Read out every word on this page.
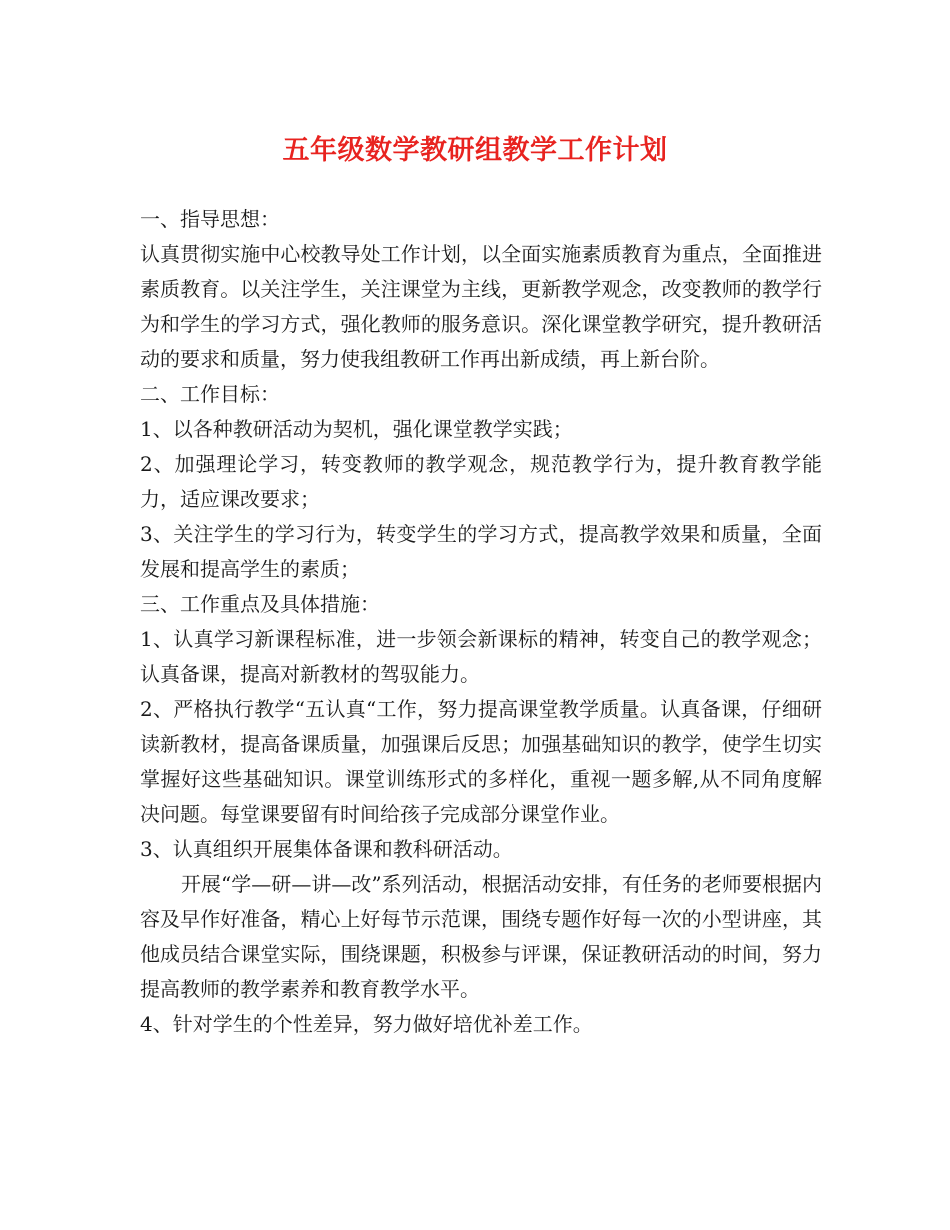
五年级数学教研组教学工作计划

一、指导思想：

认真贯彻实施中心校教导处工作计划，以全面实施素质教育为重点，全面推进素质教育。以关注学生，关注课堂为主线，更新教学观念，改变教师的教学行为和学生的学习方式，强化教师的服务意识。深化课堂教学研究，提升教研活动的要求和质量，努力使我组教研工作再出新成绩，再上新台阶。

二、工作目标：

1、以各种教研活动为契机，强化课堂教学实践；

2、加强理论学习，转变教师的教学观念，规范教学行为，提升教育教学能力，适应课改要求；

3、关注学生的学习行为，转变学生的学习方式，提高教学效果和质量，全面发展和提高学生的素质；

三、工作重点及具体措施：

1、认真学习新课程标准，进一步领会新课标的精神，转变自己的教学观念；认真备课，提高对新教材的驾驭能力。

2、严格执行教学“五认真“工作，努力提高课堂教学质量。认真备课，仔细研读新教材，提高备课质量，加强课后反思；加强基础知识的教学，使学生切实掌握好这些基础知识。课堂训练形式的多样化，重视一题多解,从不同角度解决问题。每堂课要留有时间给孩子完成部分课堂作业。

3、认真组织开展集体备课和教科研活动。

开展“学—研—讲—改”系列活动，根据活动安排，有任务的老师要根据内容及早作好准备，精心上好每节示范课，围绕专题作好每一次的小型讲座，其他成员结合课堂实际，围绕课题，积极参与评课，保证教研活动的时间，努力提高教师的教学素养和教育教学水平。

4、针对学生的个性差异，努力做好培优补差工作。
